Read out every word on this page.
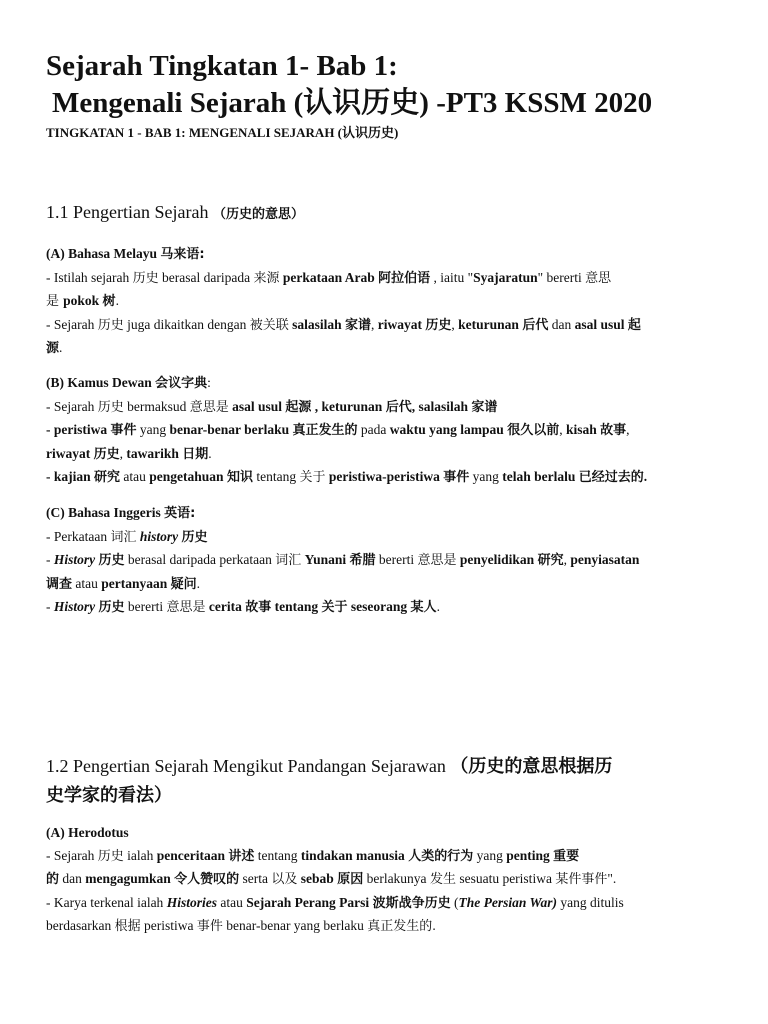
Sejarah Tingkatan 1- Bab 1:
Mengenali Sejarah (认识历史) -PT3 KSSM 2020
TINGKATAN 1 - BAB 1: MENGENALI SEJARAH (认识历史)
1.1 Pengertian Sejarah （历史的意思）

(A) Bahasa Melayu 马来语:

- Istilah sejarah 历史 berasal daripada 来源 perkataan Arab 阿拉伯语 , iaitu "Syajaratun" bererti 意思

是 pokok 树.

- Sejarah 历史 juga dikaitkan dengan 被关联 salasilah 家谱, riwayat 历史, keturunan 后代 dan asal usul 起

源.

(B) Kamus Dewan 会议字典:

- Sejarah 历史 bermaksud 意思是 asal usul 起源 , keturunan 后代, salasilah 家谱

- peristiwa 事件 yang benar-benar berlaku 真正发生的 pada waktu yang lampau 很久以前, kisah 故事,

riwayat 历史, tawarikh 日期.

- kajian 研究 atau pengetahuan 知识 tentang 关于 peristiwa-peristiwa 事件 yang telah berlalu 已经过去的.

(C) Bahasa Inggeris 英语:

- Perkataan 词汇 history 历史

- History 历史 berasal daripada perkataan 词汇 Yunani 希腊 bererti 意思是 penyelidikan 研究, penyiasatan

调查 atau pertanyaan 疑问.

- History 历史 bererti 意思是 cerita 故事 tentang 关于 seseorang 某人.

1.2 Pengertian Sejarah Mengikut Pandangan Sejarawan （历史的意思根据历
史学家的看法）

(A) Herodotus

- Sejarah 历史 ialah penceritaan 讲述 tentang tindakan manusia 人类的行为 yang penting 重要

的 dan mengagumkan 令人赞叹的 serta 以及 sebab 原因 berlakunya 发生 sesuatu peristiwa 某件事件".

- Karya terkenal ialah Histories atau Sejarah Perang Parsi 波斯战争历史 (The Persian War) yang ditulis

berdasarkan 根据 peristiwa 事件 benar-benar yang berlaku 真正发生的.
